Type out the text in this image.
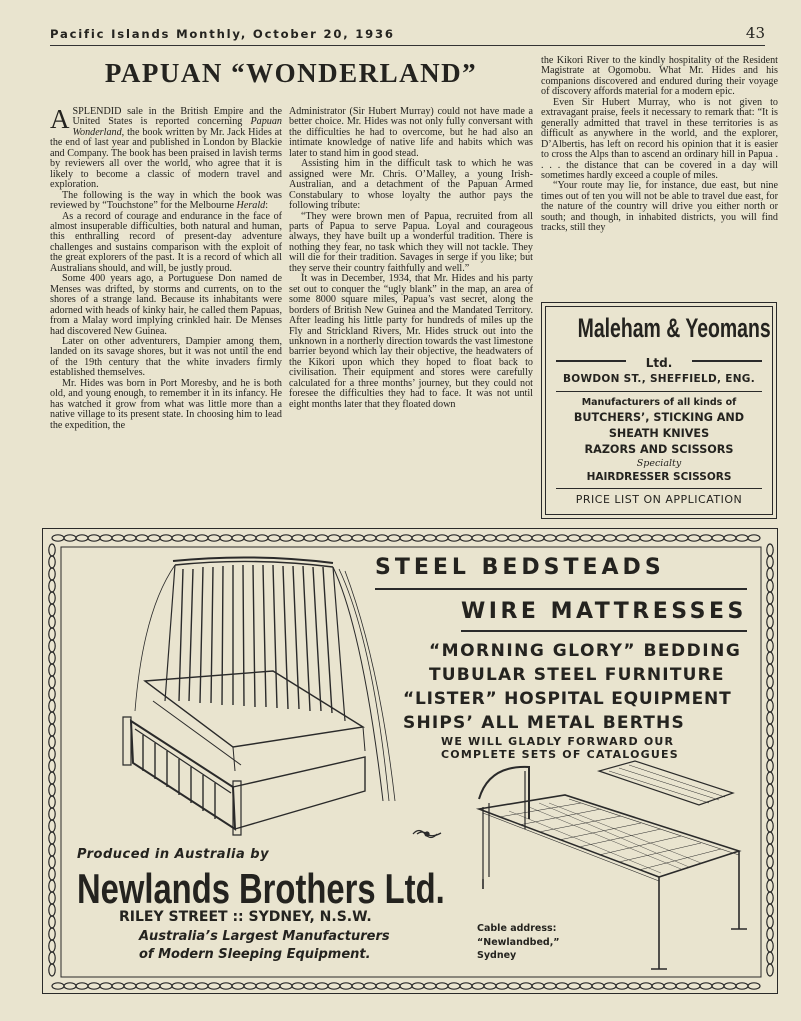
Pacific Islands Monthly, October 20, 1936	43
PAPUAN “WONDERLAND”

A SPLENDID sale in the British Empire and the United States is reported concerning Papuan Wonderland, the book written by Mr. Jack Hides at the end of last year and published in London by Blackie and Company. The book has been praised in lavish terms by reviewers all over the world, who agree that it is likely to become a classic of modern travel and exploration.

The following is the way in which the book was reviewed by “Touchstone” for the Melbourne Herald:

As a record of courage and endurance in the face of almost insuperable difficulties, both natural and human, this enthralling record of present-day adventure challenges and sustains comparison with the exploit of the great explorers of the past. It is a record of which all Australians should, and will, be justly proud.

Some 400 years ago, a Portuguese Don named de Menses was drifted, by storms and currents, on to the shores of a strange land. Because its inhabitants were adorned with heads of kinky hair, he called them Papuas, from a Malay word implying crinkled hair. De Menses had discovered New Guinea.

Later on other adventurers, Dampier among them, landed on its savage shores, but it was not until the end of the 19th century that the white invaders firmly established themselves.

Mr. Hides was born in Port Moresby, and he is both old, and young enough, to remember it in its infancy. He has watched it grow from what was little more than a native village to its present state. In choosing him to lead the expedition, the

Administrator (Sir Hubert Murray) could not have made a better choice. Mr. Hides was not only fully conversant with the difficulties he had to overcome, but he had also an intimate knowledge of native life and habits which was later to stand him in good stead.

Assisting him in the difficult task to which he was assigned were Mr. Chris. O’Malley, a young Irish-Australian, and a detachment of the Papuan Armed Constabulary to whose loyalty the author pays the following tribute:

“They were brown men of Papua, recruited from all parts of Papua to serve Papua. Loyal and courageous always, they have built up a wonderful tradition. There is nothing they fear, no task which they will not tackle. They will die for their tradition. Savages in serge if you like; but they serve their country faithfully and well.”

It was in December, 1934, that Mr. Hides and his party set out to conquer the “ugly blank” in the map, an area of some 8000 square miles, Papua’s vast secret, along the borders of British New Guinea and the Mandated Territory. After leading his little party for hundreds of miles up the Fly and Strickland Rivers, Mr. Hides struck out into the unknown in a northerly direction towards the vast limestone barrier beyond which lay their objective, the headwaters of the Kikori upon which they hoped to float back to civilisation. Their equipment and stores were carefully calculated for a three months’ journey, but they could not foresee the difficulties they had to face. It was not until eight months later that they floated down

the Kikori River to the kindly hospitality of the Resident Magistrate at Ogomobu. What Mr. Hides and his companions discovered and endured during their voyage of discovery affords material for a modern epic.

Even Sir Hubert Murray, who is not given to extravagant praise, feels it necessary to remark that: “It is generally admitted that travel in these territories is as difficult as anywhere in the world, and the explorer, D’Albertis, has left on record his opinion that it is easier to cross the Alps than to ascend an ordinary hill in Papua . . . . the distance that can be covered in a day will sometimes hardly exceed a couple of miles.

“Your route may lie, for instance, due east, but nine times out of ten you will not be able to travel due east, for the nature of the country will drive you either north or south; and though, in inhabited districts, you will find tracks, still they

Maleham & Yeomans
Ltd.
BOWDON ST., SHEFFIELD, ENG.
Manufacturers of all kinds of
BUTCHERS’, STICKING AND
SHEATH KNIVES
RAZORS AND SCISSORS
Specialty
HAIRDRESSER SCISSORS
PRICE LIST ON APPLICATION
STEEL BEDSTEADS
WIRE MATTRESSES
“MORNING GLORY” BEDDING
TUBULAR STEEL FURNITURE
“LISTER” HOSPITAL EQUIPMENT
SHIPS’ ALL METAL BERTHS
WE WILL GLADLY FORWARD OUR
COMPLETE SETS OF CATALOGUES
Produced in Australia by
Newlands Brothers Ltd.
RILEY STREET :: SYDNEY, N.S.W.
Australia’s Largest Manufacturers
of Modern Sleeping Equipment.
Cable address:
“Newlandbed,”
Sydney
